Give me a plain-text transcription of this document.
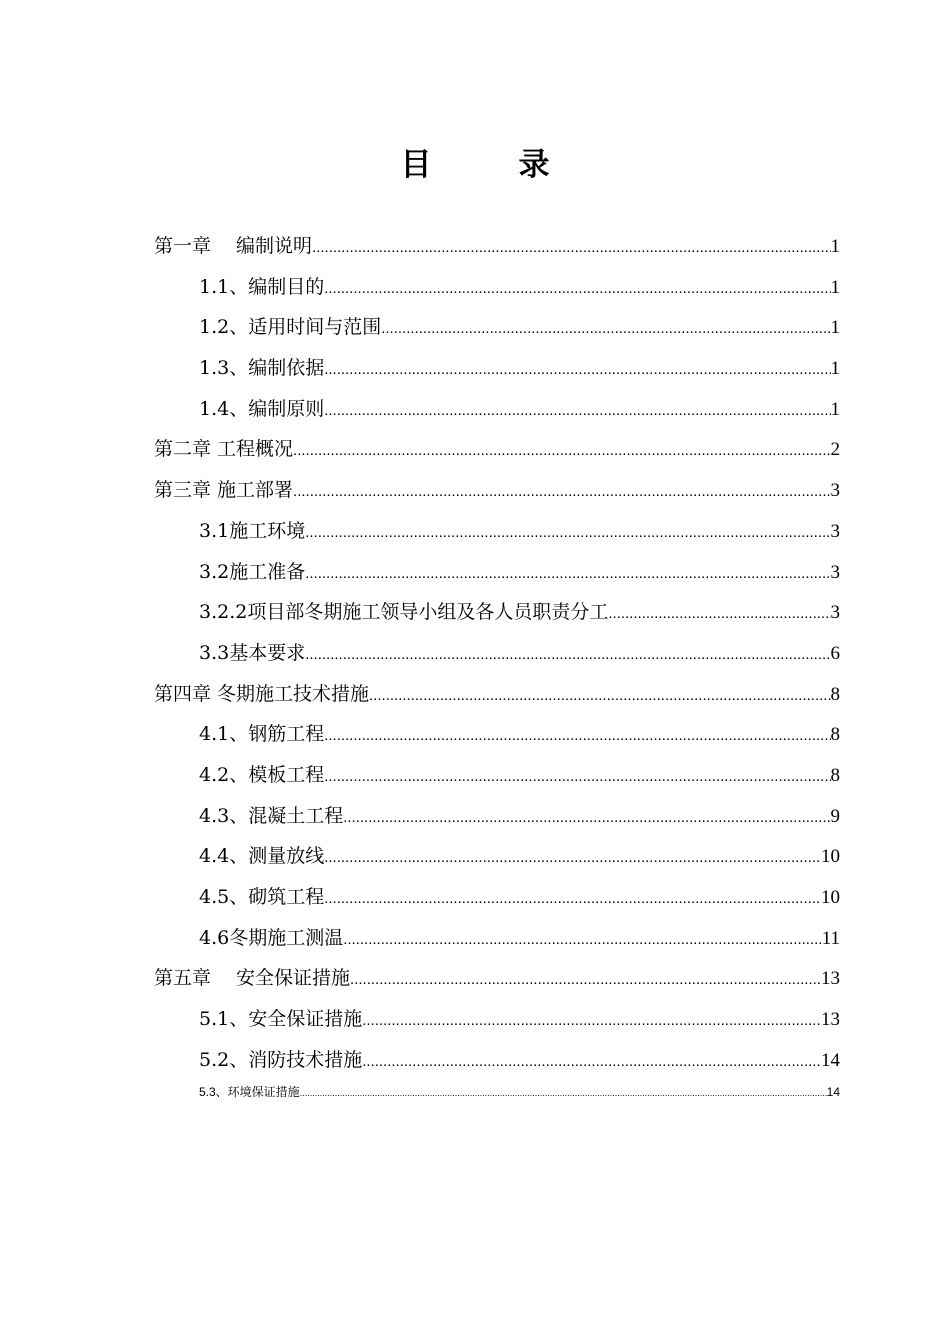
目　录
第一章　 编制说明 .....	1
1.1、编制目的 .....	1
1.2、适用时间与范围 .....	1
1.3、编制依据 .....	1
1.4、编制原则 .....	1
第二章 工程概况 .....	2
第三章 施工部署 .....	3
3.1施工环境 .....	3
3.2施工准备 .....	3
3.2.2项目部冬期施工领导小组及各人员职责分工 .....	3
3.3基本要求 .....	6
第四章 冬期施工技术措施 .....	8
4.1、钢筋工程 .....	8
4.2、模板工程 .....	8
4.3、混凝土工程 .....	9
4.4、测量放线 .....	10
4.5、砌筑工程 .....	10
4.6冬期施工测温 .....	11
第五章　 安全保证措施 .....	13
5.1、安全保证措施 .....	13
5.2、消防技术措施 .....	14
5.3、环境保证措施 .....	14
